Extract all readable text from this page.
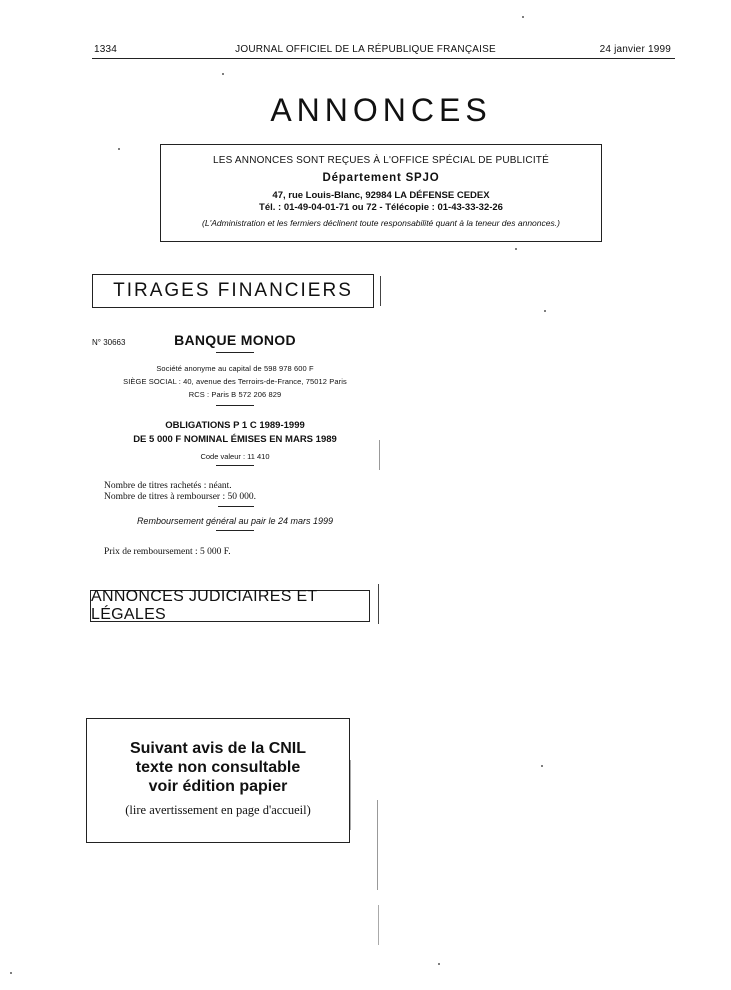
1334	JOURNAL OFFICIEL DE LA RÉPUBLIQUE FRANÇAISE	24 janvier 1999
ANNONCES
LES ANNONCES SONT REÇUES À L'OFFICE SPÉCIAL DE PUBLICITÉ
Département SPJO
47, rue Louis-Blanc, 92984 LA DÉFENSE CEDEX
Tél. : 01-49-04-01-71 ou 72 - Télécopie : 01-43-33-32-26
(L'Administration et les fermiers déclinent toute responsabilité quant à la teneur des annonces.)
TIRAGES FINANCIERS
N° 30663	BANQUE MONOD
Société anonyme au capital de 598 978 600 F
SIÈGE SOCIAL : 40, avenue des Terroirs-de-France, 75012 Paris
RCS : Paris B 572 206 829
OBLIGATIONS P 1 C 1989-1999
DE 5 000 F NOMINAL ÉMISES EN MARS 1989
Code valeur : 11 410
Nombre de titres rachetés : néant.
Nombre de titres à rembourser : 50 000.
Remboursement général au pair le 24 mars 1999
Prix de remboursement : 5 000 F.
ANNONCES JUDICIAIRES ET LÉGALES
Suivant avis de la CNIL
texte non consultable
voir édition papier
(lire avertissement en page d'accueil)
